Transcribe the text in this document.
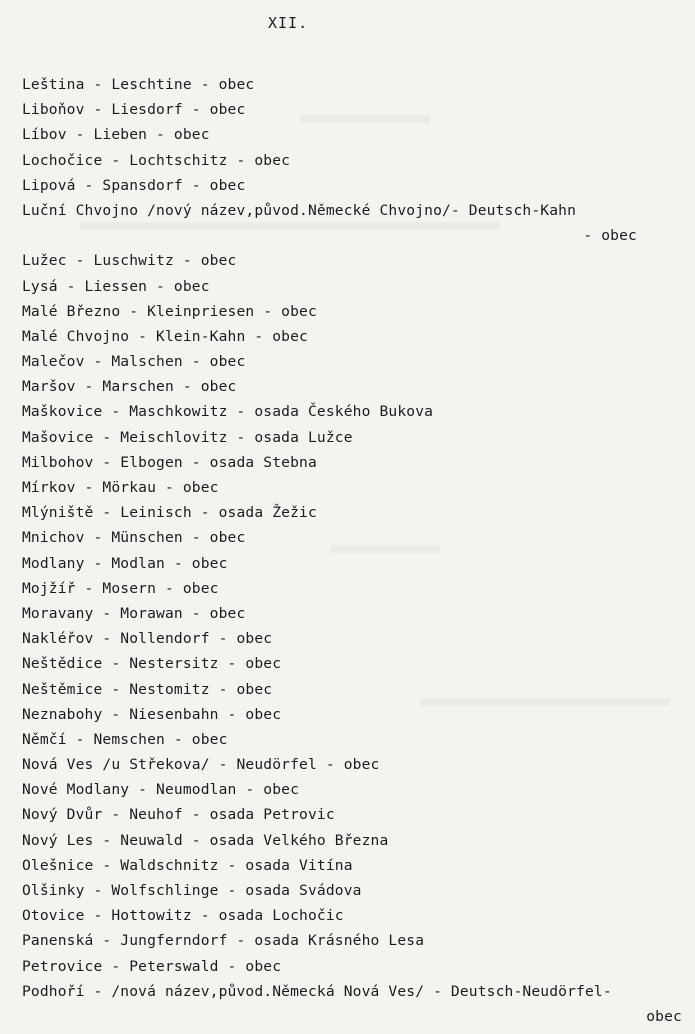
XII.
Leština - Leschtine - obec
Liboňov - Liesdorf - obec
Líbov - Lieben - obec
Lochočice - Lochtschitz - obec
Lipová - Spansdorf - obec
Luční Chvojno /nový název,původ.Německé Chvojno/- Deutsch-Kahn
- obec
Lužec - Luschwitz - obec
Lysá - Liessen - obec
Malé Březno - Kleinpriesen - obec
Malé Chvojno - Klein-Kahn - obec
Malečov - Malschen - obec
Maršov - Marschen - obec
Maškovice - Maschkowitz - osada Českého Bukova
Mašovice - Meischlovitz - osada Lužce
Milbohov - Elbogen - osada Stebna
Mírkov - Mörkau - obec
Mlýniště - Leinisch - osada Žežic
Mnichov - Münschen - obec
Modlany - Modlan - obec
Mojžíř - Mosern - obec
Moravany - Morawan - obec
Nakléřov - Nollendorf - obec
Neštědice - Nestersitz - obec
Neštěmice - Nestomitz - obec
Neznabohy - Niesenbahn - obec
Němčí - Nemschen - obec
Nová Ves /u Střekova/ - Neudörfel - obec
Nové Modlany - Neumodlan - obec
Nový Dvůr - Neuhof - osada Petrovic
Nový Les - Neuwald - osada Velkého Března
Olešnice - Waldschnitz - osada Vitína
Olšinky - Wolfschlinge - osada Svádova
Otovice - Hottowitz - osada Lochočic
Panenská - Jungferndorf - osada Krásného Lesa
Petrovice - Peterswald - obec
Podhoří - /nová název,původ.Německá Nová Ves/ - Deutsch-Neudörfel-
obec
